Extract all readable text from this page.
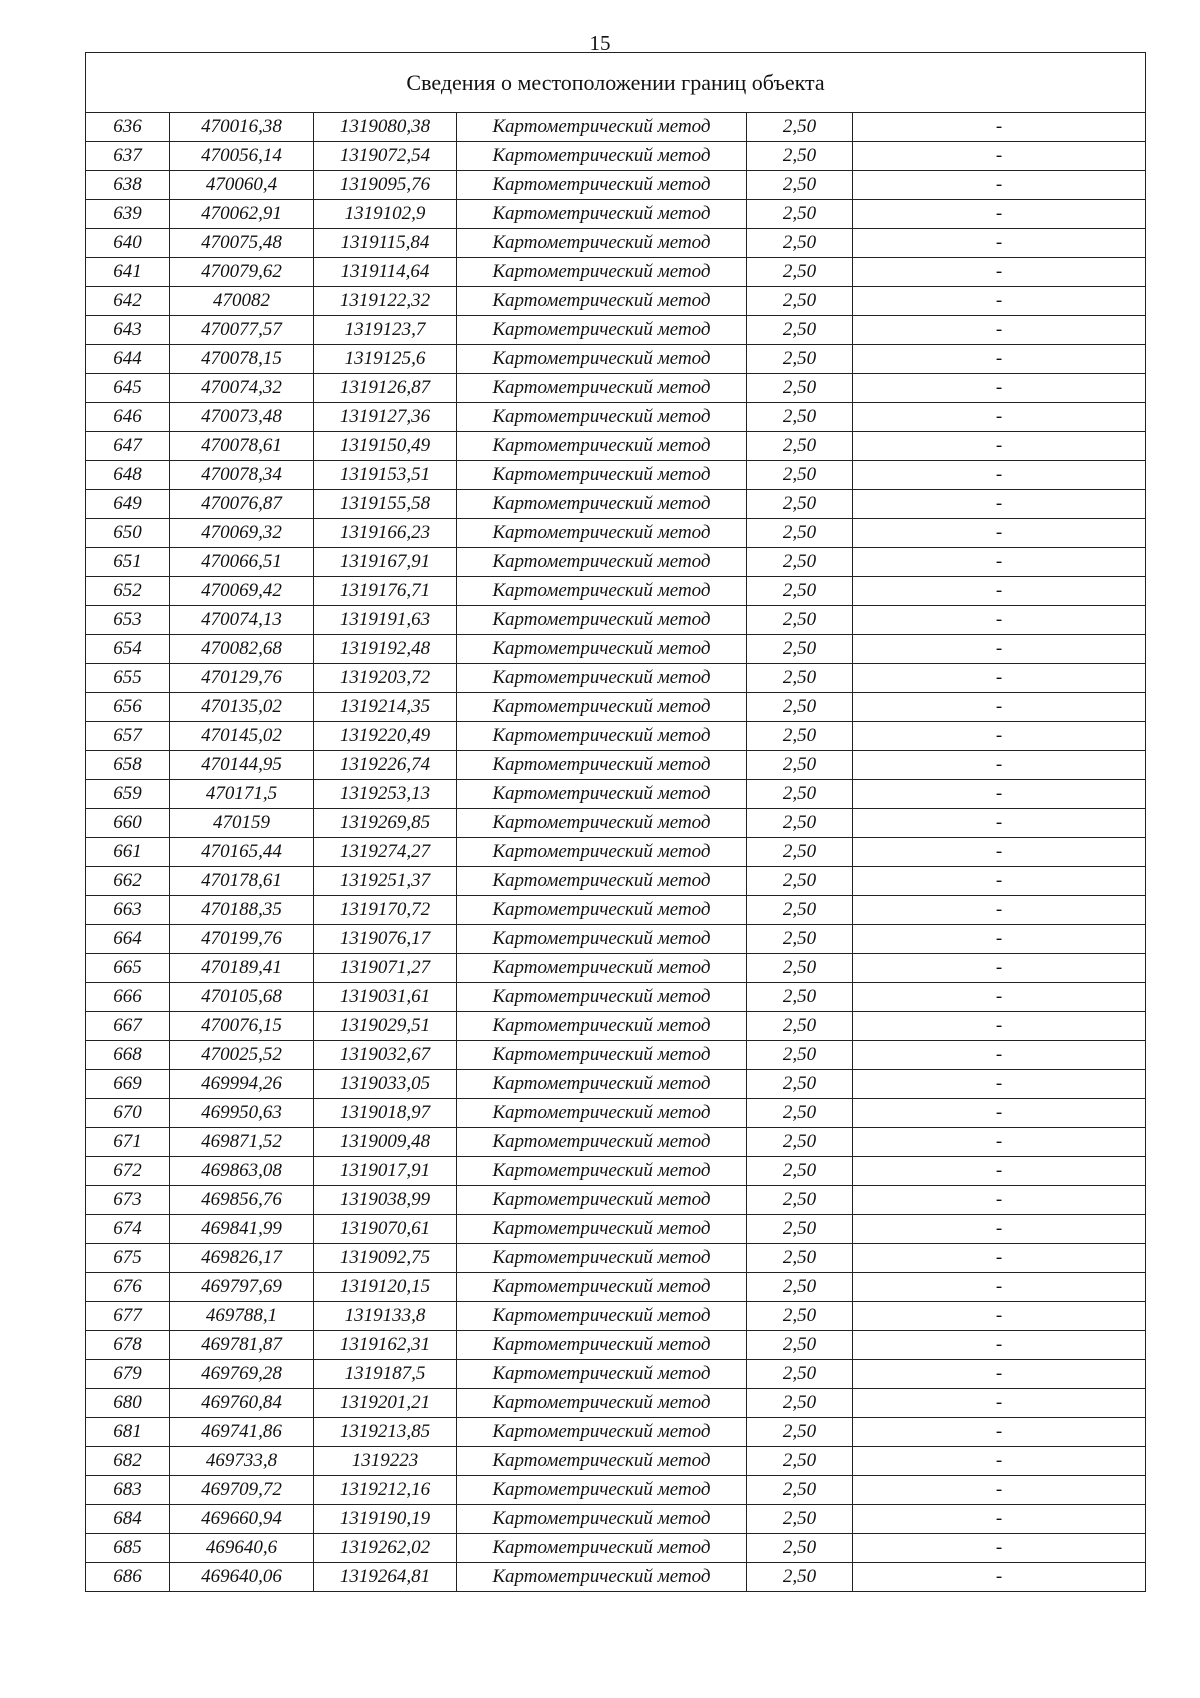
15
Сведения о местоположении границ объекта					
636	470016,38	1319080,38	Картометрический метод	2,50	-
637	470056,14	1319072,54	Картометрический метод	2,50	-
638	470060,4	1319095,76	Картометрический метод	2,50	-
639	470062,91	1319102,9	Картометрический метод	2,50	-
640	470075,48	1319115,84	Картометрический метод	2,50	-
641	470079,62	1319114,64	Картометрический метод	2,50	-
642	470082	1319122,32	Картометрический метод	2,50	-
643	470077,57	1319123,7	Картометрический метод	2,50	-
644	470078,15	1319125,6	Картометрический метод	2,50	-
645	470074,32	1319126,87	Картометрический метод	2,50	-
646	470073,48	1319127,36	Картометрический метод	2,50	-
647	470078,61	1319150,49	Картометрический метод	2,50	-
648	470078,34	1319153,51	Картометрический метод	2,50	-
649	470076,87	1319155,58	Картометрический метод	2,50	-
650	470069,32	1319166,23	Картометрический метод	2,50	-
651	470066,51	1319167,91	Картометрический метод	2,50	-
652	470069,42	1319176,71	Картометрический метод	2,50	-
653	470074,13	1319191,63	Картометрический метод	2,50	-
654	470082,68	1319192,48	Картометрический метод	2,50	-
655	470129,76	1319203,72	Картометрический метод	2,50	-
656	470135,02	1319214,35	Картометрический метод	2,50	-
657	470145,02	1319220,49	Картометрический метод	2,50	-
658	470144,95	1319226,74	Картометрический метод	2,50	-
659	470171,5	1319253,13	Картометрический метод	2,50	-
660	470159	1319269,85	Картометрический метод	2,50	-
661	470165,44	1319274,27	Картометрический метод	2,50	-
662	470178,61	1319251,37	Картометрический метод	2,50	-
663	470188,35	1319170,72	Картометрический метод	2,50	-
664	470199,76	1319076,17	Картометрический метод	2,50	-
665	470189,41	1319071,27	Картометрический метод	2,50	-
666	470105,68	1319031,61	Картометрический метод	2,50	-
667	470076,15	1319029,51	Картометрический метод	2,50	-
668	470025,52	1319032,67	Картометрический метод	2,50	-
669	469994,26	1319033,05	Картометрический метод	2,50	-
670	469950,63	1319018,97	Картометрический метод	2,50	-
671	469871,52	1319009,48	Картометрический метод	2,50	-
672	469863,08	1319017,91	Картометрический метод	2,50	-
673	469856,76	1319038,99	Картометрический метод	2,50	-
674	469841,99	1319070,61	Картометрический метод	2,50	-
675	469826,17	1319092,75	Картометрический метод	2,50	-
676	469797,69	1319120,15	Картометрический метод	2,50	-
677	469788,1	1319133,8	Картометрический метод	2,50	-
678	469781,87	1319162,31	Картометрический метод	2,50	-
679	469769,28	1319187,5	Картометрический метод	2,50	-
680	469760,84	1319201,21	Картометрический метод	2,50	-
681	469741,86	1319213,85	Картометрический метод	2,50	-
682	469733,8	1319223	Картометрический метод	2,50	-
683	469709,72	1319212,16	Картометрический метод	2,50	-
684	469660,94	1319190,19	Картометрический метод	2,50	-
685	469640,6	1319262,02	Картометрический метод	2,50	-
686	469640,06	1319264,81	Картометрический метод	2,50	-
